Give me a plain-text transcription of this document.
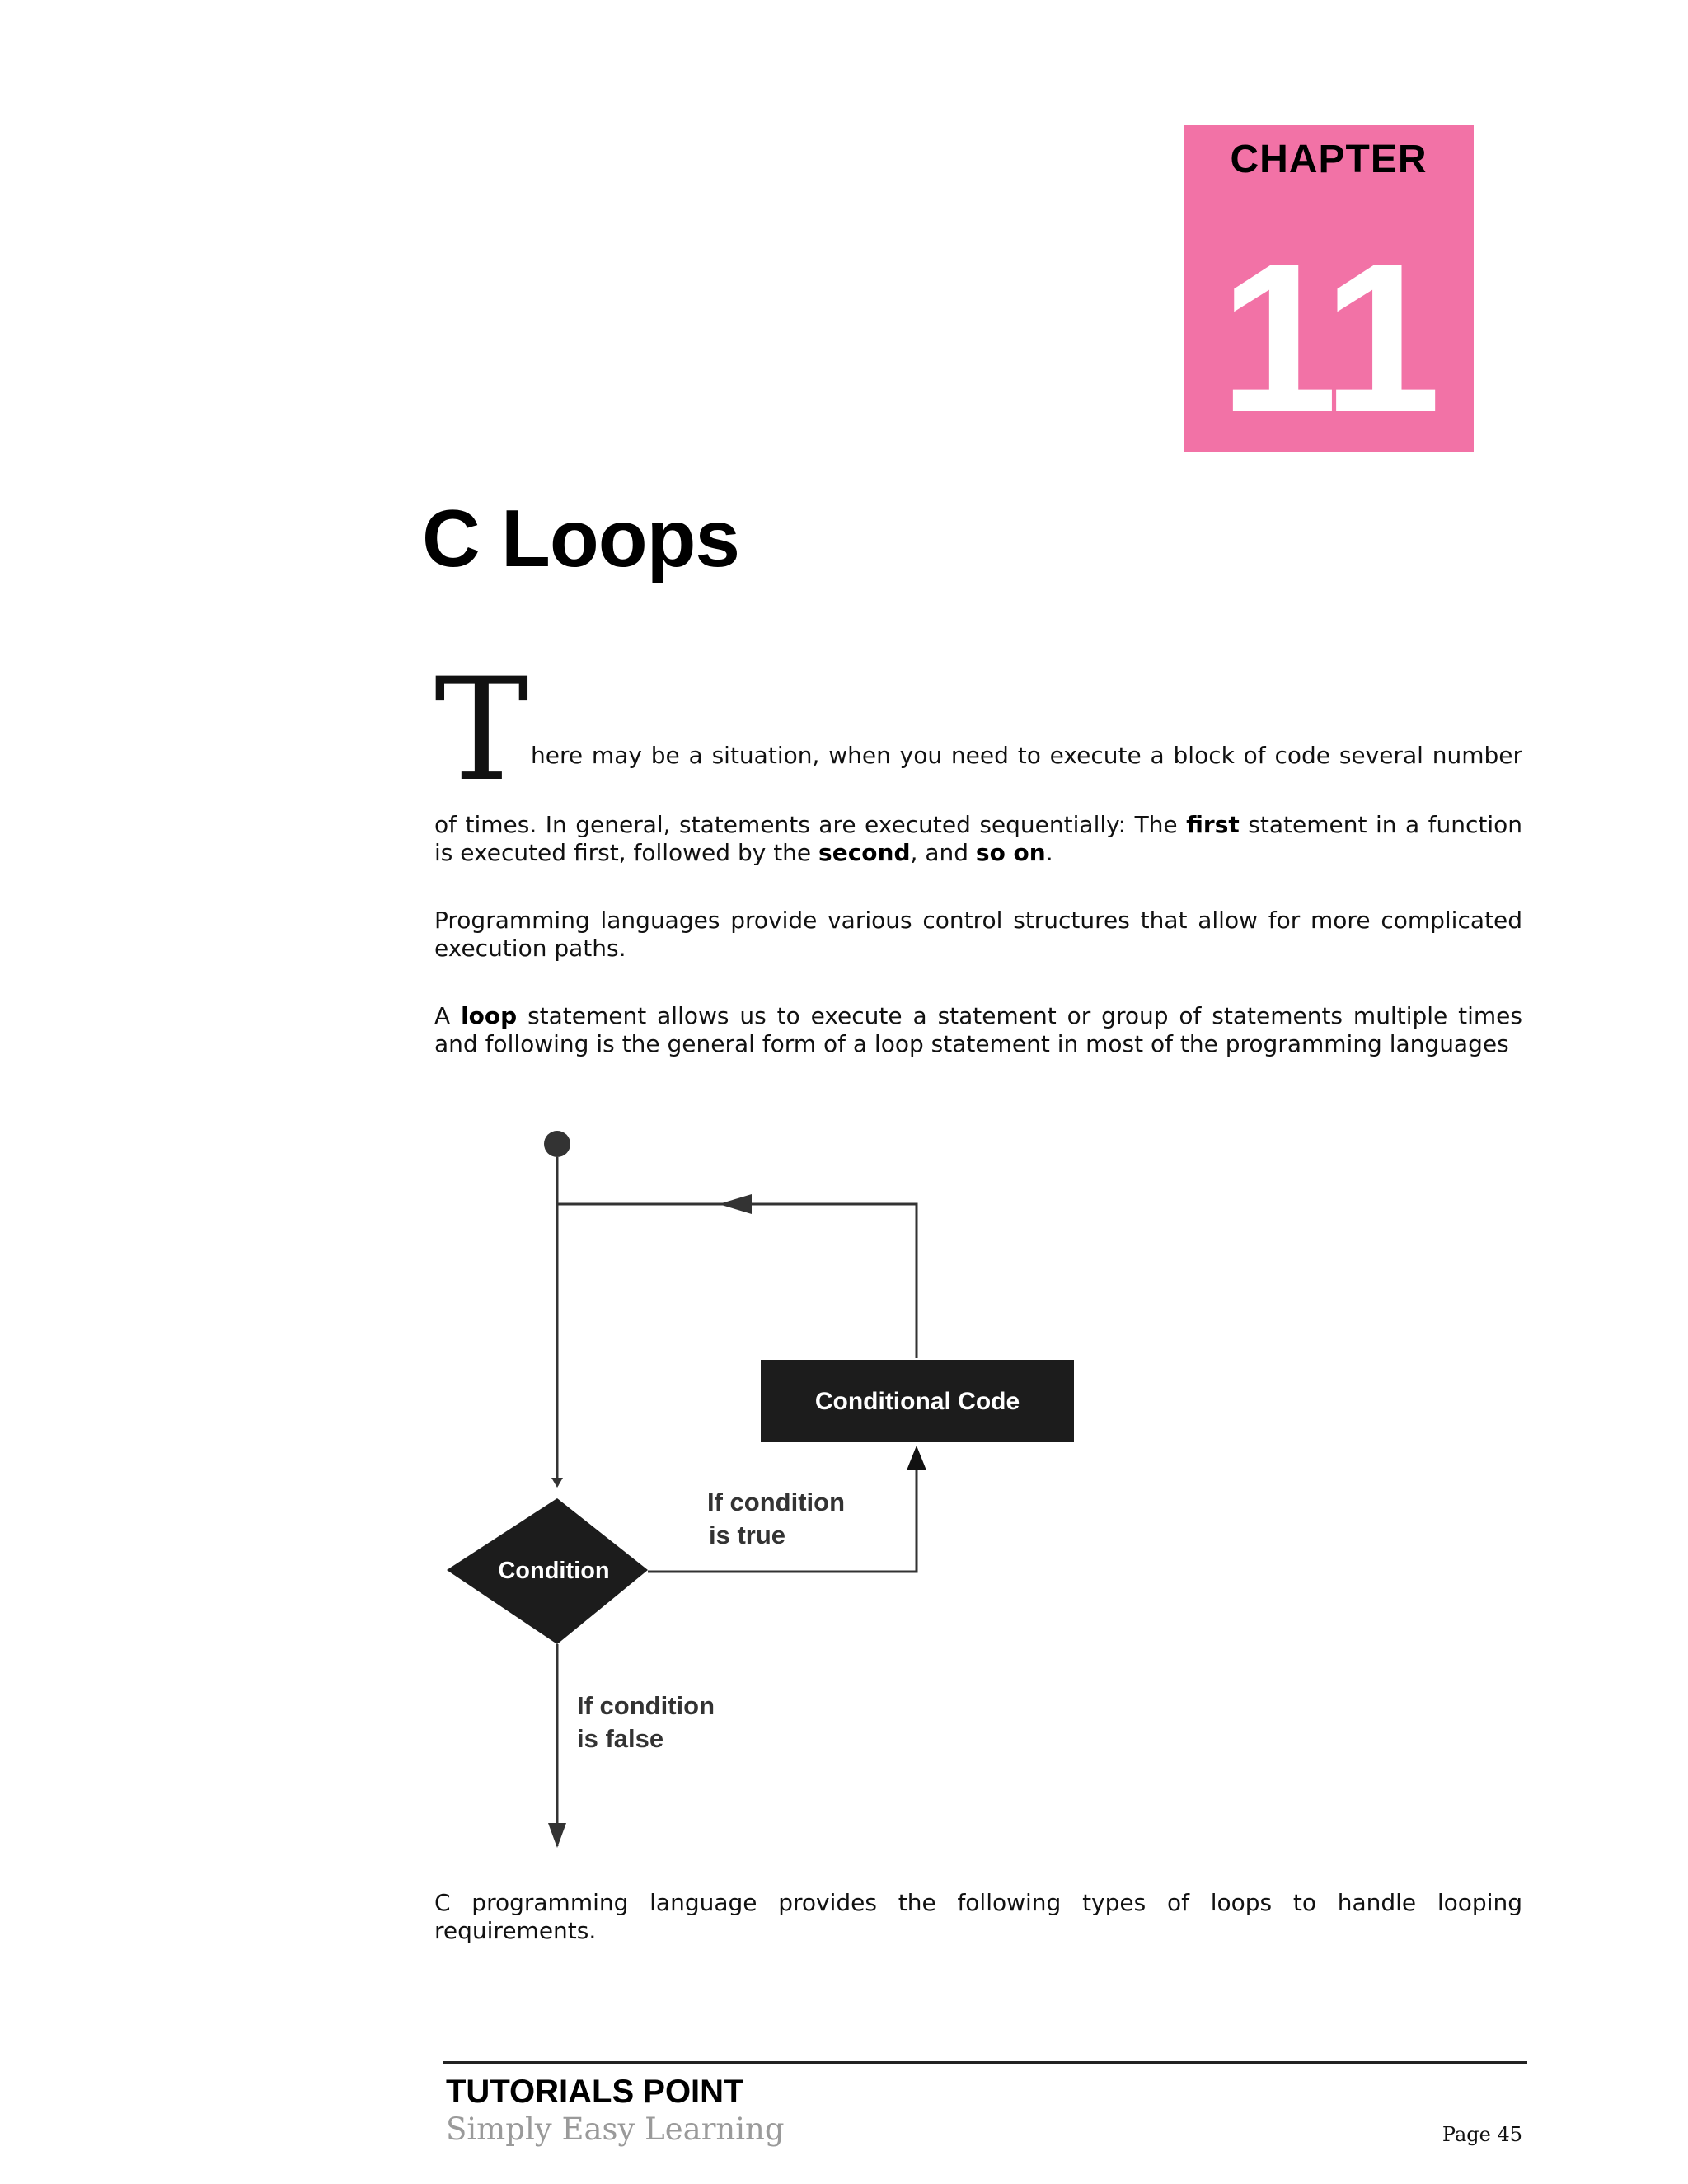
CHAPTER
11
C Loops
T here may be a situation, when you need to execute a block of code several number

of times. In general, statements are executed sequentially: The first statement in a function is executed first, followed by the second, and so on.

Programming languages provide various control structures that allow for more complicated execution paths.

A loop statement allows us to execute a statement or group of statements multiple times and following is the general form of a loop statement in most of the programming languages

Conditional Code
Condition
If condition
is true
If condition
is false

C programming language provides the following types of loops to handle looping requirements.

TUTORIALS POINT
Simply Easy Learning	Page 45
